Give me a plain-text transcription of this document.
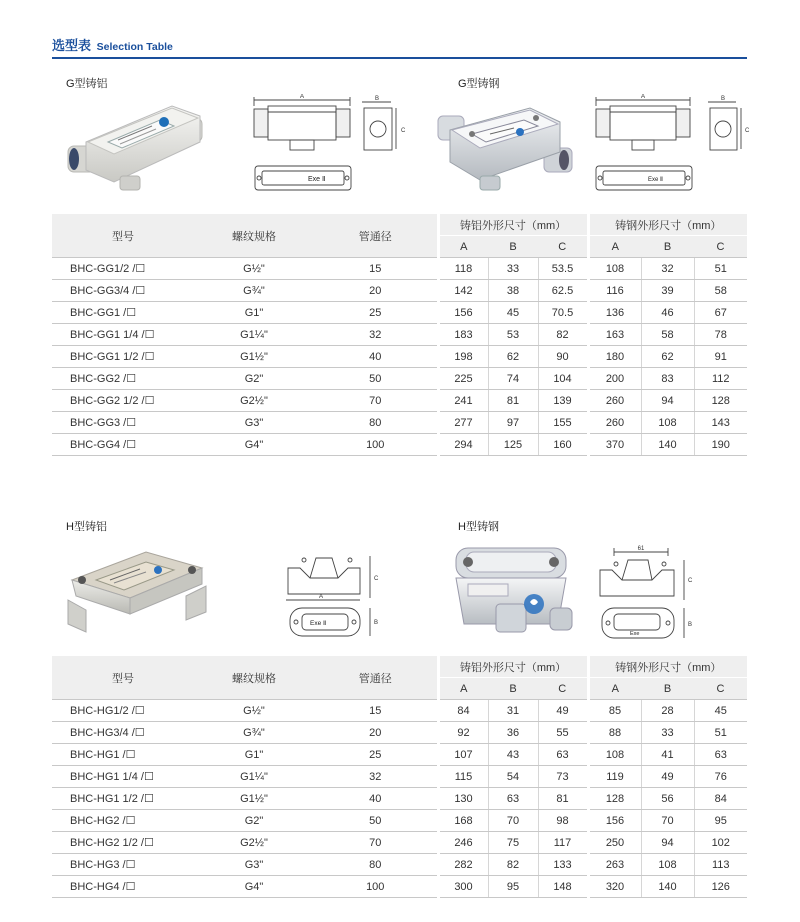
选型表 Selection Table
G型铸铝	G型铸钢
A	B
C
Exe Ⅱ
A	B
C
Exe Ⅱ
型号	螺纹规格	管通径	铸铝外形尺寸（mm）			铸钢外形尺寸（mm）		
			A	B	C	A	B	C
BHC-GG1/2 /☐	G½"	15	118	33	53.5	108	32	51
BHC-GG3/4 /☐	G¾"	20	142	38	62.5	116	39	58
BHC-GG1 /☐	G1"	25	156	45	70.5	136	46	67
BHC-GG1 1/4 /☐	G1¼"	32	183	53	82	163	58	78
BHC-GG1 1/2 /☐	G1½"	40	198	62	90	180	62	91
BHC-GG2 /☐	G2"	50	225	74	104	200	83	112
BHC-GG2 1/2 /☐	G2½"	70	241	81	139	260	94	128
BHC-GG3 /☐	G3"	80	277	97	155	260	108	143
BHC-GG4 /☐	G4"	100	294	125	160	370	140	190
H型铸铝	H型铸钢
A
C
B
Exe Ⅱ
61
C
B
Exe
型号	螺纹规格	管通径	铸铝外形尺寸（mm）			铸钢外形尺寸（mm）		
			A	B	C	A	B	C
BHC-HG1/2 /☐	G½"	15	84	31	49	85	28	45
BHC-HG3/4 /☐	G¾"	20	92	36	55	88	33	51
BHC-HG1 /☐	G1"	25	107	43	63	108	41	63
BHC-HG1 1/4 /☐	G1¼"	32	115	54	73	119	49	76
BHC-HG1 1/2 /☐	G1½"	40	130	63	81	128	56	84
BHC-HG2 /☐	G2"	50	168	70	98	156	70	95
BHC-HG2 1/2 /☐	G2½"	70	246	75	117	250	94	102
BHC-HG3 /☐	G3"	80	282	82	133	263	108	113
BHC-HG4 /☐	G4"	100	300	95	148	320	140	126
